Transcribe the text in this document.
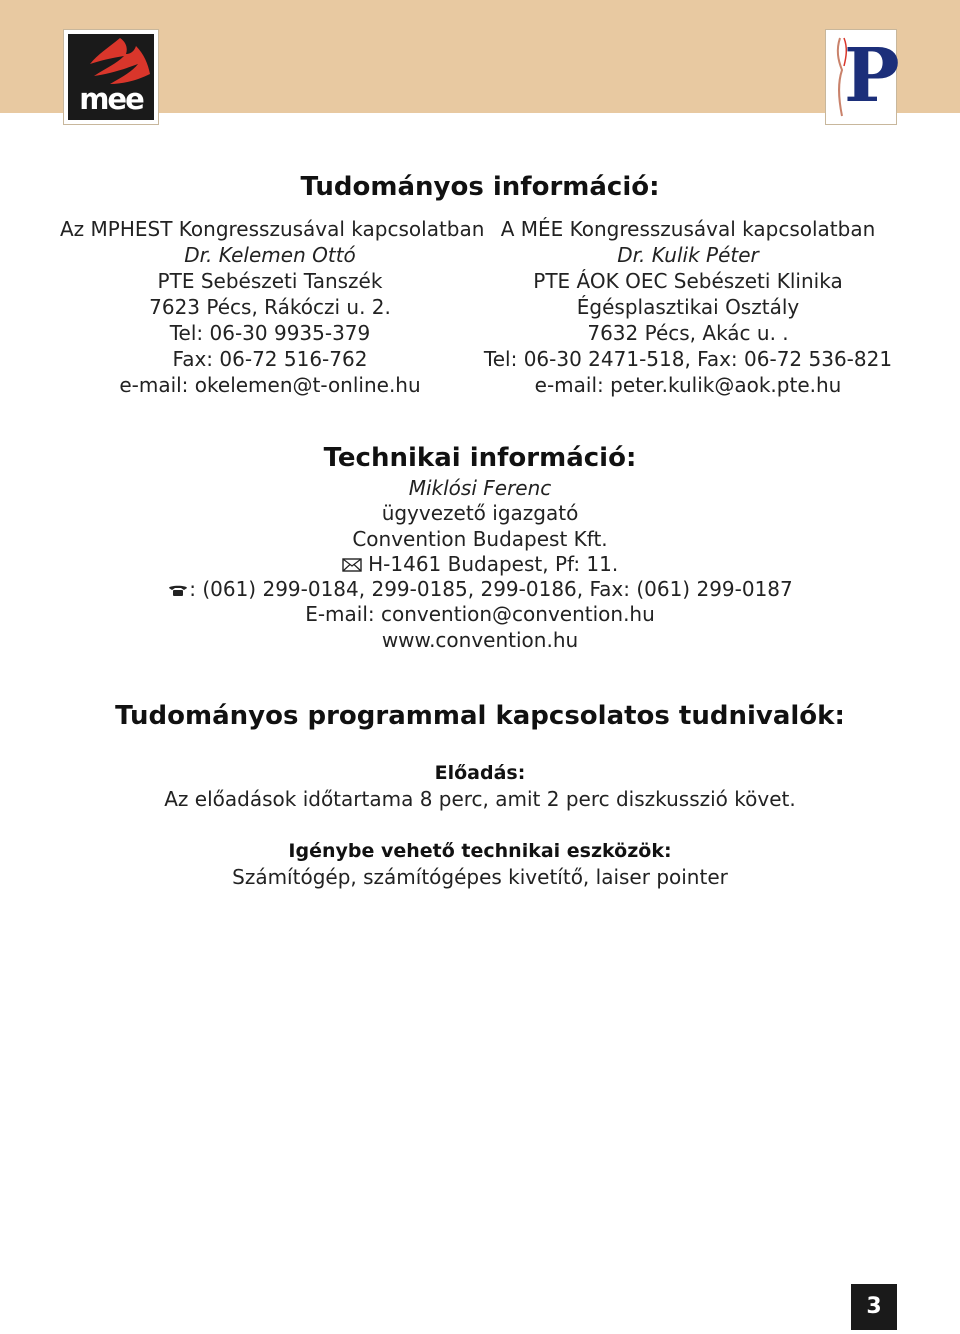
mee	P
Tudományos információ:
Az MPHEST Kongresszusával kapcsolatban
Dr. Kelemen Ottó
PTE Sebészeti Tanszék
7623 Pécs, Rákóczi u. 2.
Tel: 06-30 9935-379
Fax: 06-72 516-762
e-mail: okelemen@t-online.hu
A MÉE Kongresszusával kapcsolatban
Dr. Kulik Péter
PTE ÁOK OEC Sebészeti Klinika
Égésplasztikai Osztály
7632 Pécs, Akác u. .
Tel: 06-30 2471-518, Fax: 06-72 536-821
e-mail: peter.kulik@aok.pte.hu
Technikai információ:
Miklósi Ferenc
ügyvezető igazgató
Convention Budapest Kft.
H-1461 Budapest, Pf: 11.
: (061) 299-0184, 299-0185, 299-0186, Fax: (061) 299-0187
E-mail: convention@convention.hu
www.convention.hu
Tudományos programmal kapcsolatos tudnivalók:
Előadás:
Az előadások időtartama 8 perc, amit 2 perc diszkusszió követ.
Igénybe vehető technikai eszközök:
Számítógép, számítógépes kivetítő, laiser pointer
3
